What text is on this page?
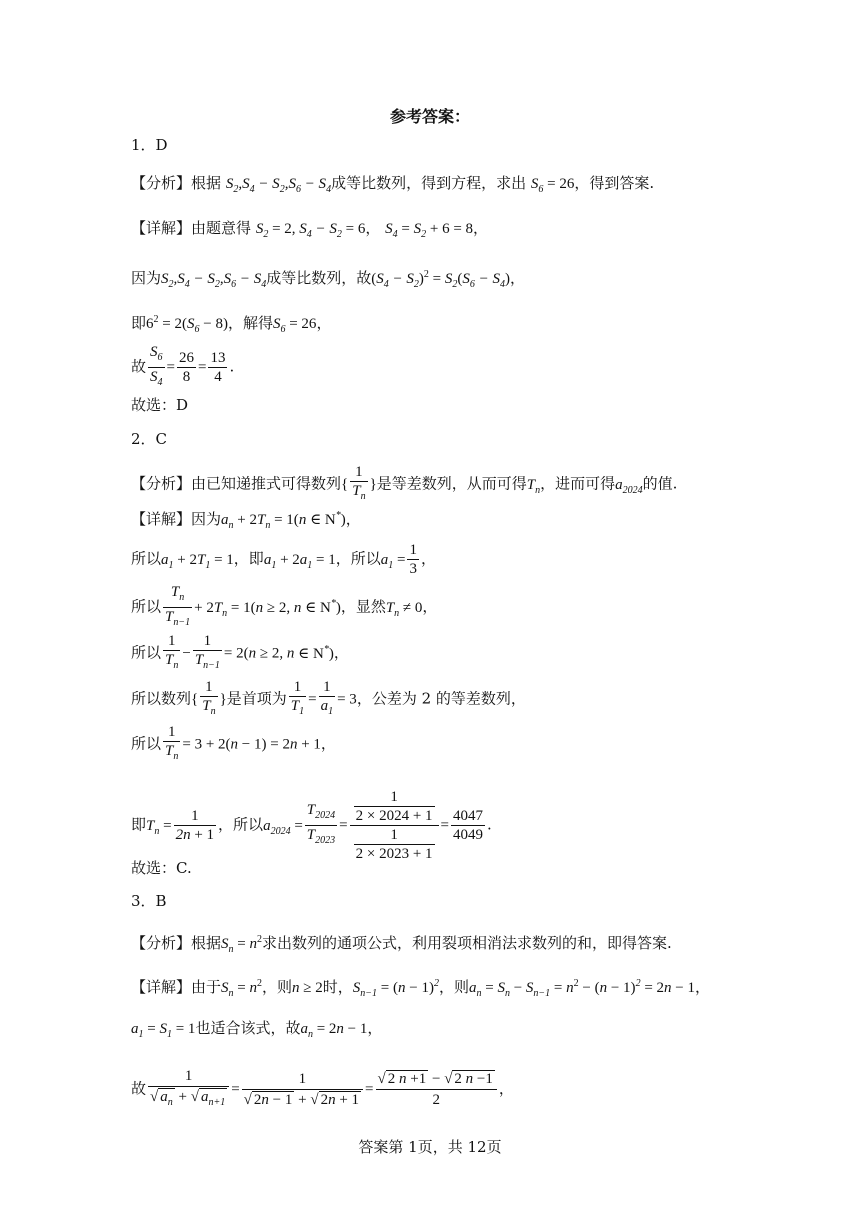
参考答案：
1．D
【分析】根据 $S_2,S_4 - S_2,S_6 - S_4$成等比数列，得到方程，求出 $S_6 = 26$，得到答案.
【详解】由题意得 $S_2 = 2$, $S_4 - S_2 = 6$， $S_4 = S_2 + 6 = 8$，
因为$S_2,S_4 - S_2,S_6 - S_4$成等比数列，故$(S_4 - S_2)^2 = S_2(S_6 - S_4)$，
即$6^2 = 2(S_6 - 8)$，解得$S_6 = 26$，
故 $\frac{S_6}{S_4} = \frac{26}{8} = \frac{13}{4}$ .
故选：D
2．C
【分析】由已知递推式可得数列{ $\frac{1}{T_n}$ }是等差数列，从而可得$T_n$，进而可得$a_{2024}$的值.
【详解】因为$a_n + 2T_n = 1(n$ ∈ N*)，
所以$a_1 + 2T_1 = 1$，即$a_1 + 2a_1 = 1$，所以$a_1 = \frac{1}{3}$ ，
所以 $\frac{T_n}{T_{n-1}} + 2T_n = 1(n \ge 2$, n ∈ N*)，显然$T_n \ne 0$，
所以 $\frac{1}{T_n} - \frac{1}{T_{n-1}} = 2(n \ge 2$, n ∈ N*)，
所以数列{ $\frac{1}{T_n}$ }是首项为 $\frac{1}{T_1} = \frac{1}{a_1} = 3$，公差为 2 的等差数列，
所以 $\frac{1}{T_n} = 3 + 2(n - 1) = 2n + 1$，
即$T_n = \frac{1}{2n + 1}$ ，所以$a_{2024} = \frac{T_{2024}}{T_{2023}} = \frac{\frac{1}{2 \times 2024 + 1}}{\frac{1}{2 \times 2023 + 1}} = \frac{4047}{4049}$ .
故选：C.
3．B
【分析】根据$S_n = n^2$求出数列的通项公式，利用裂项相消法求数列的和，即得答案.
【详解】由于$S_n = n^2$，则n ≥ 2时，$S_{n-1} = (n - 1)^2$，则$a_n = S_n - S_{n-1} = n^2 - (n - 1)^2 = 2n - 1$，
$a_1 = S_1 = 1$也适合该式，故$a_n = 2n - 1$，
故 $\frac{1}{√ a_n + √ a_{n+1}} = \frac{1}{√ 2n - 1 + √ 2n + 1} = \frac{√ 2 n +1 - √ 2 n -1}{2}$ ，
答案第 1页，共 12页
